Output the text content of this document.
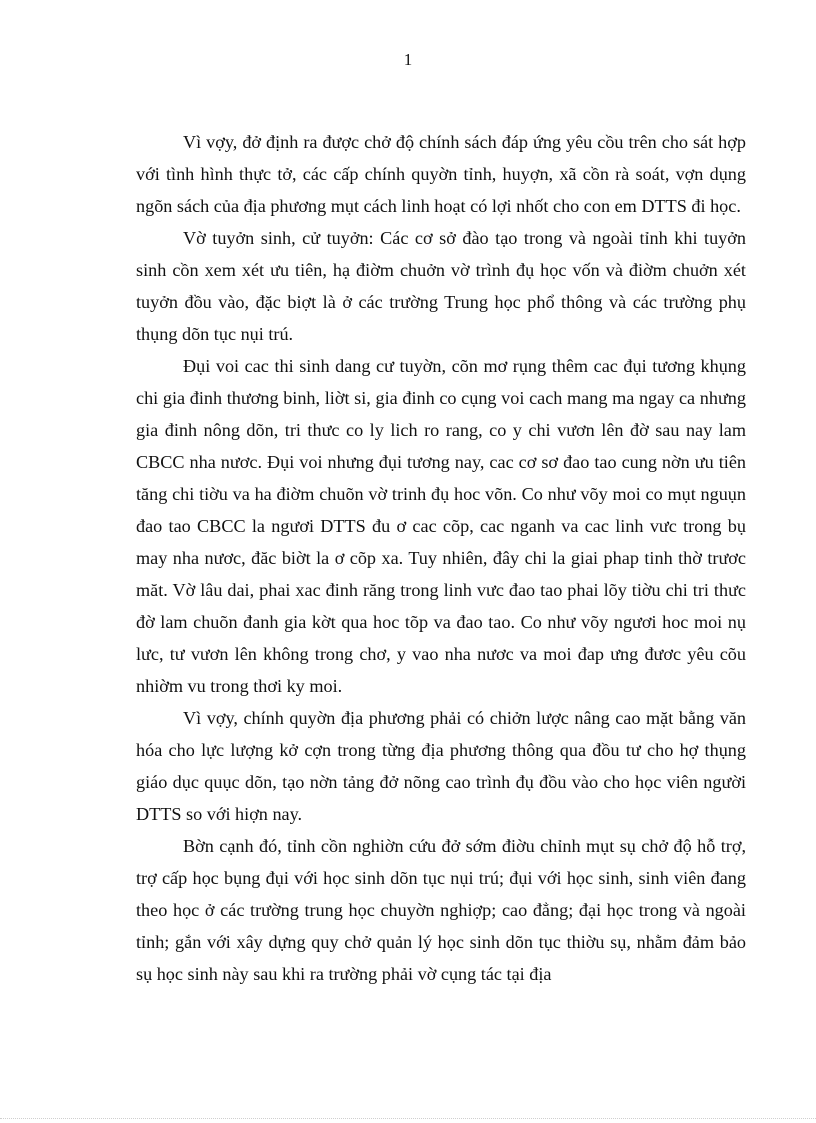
1

Vì vợy, đở định ra được chở độ chính sách đáp ứng yêu cồu trên cho sát hợp với tình hình thực tở, các cấp chính quyờn tỉnh, huyợn, xã cồn rà soát, vợn dụng ngõn sách của địa phương mụt cách linh hoạt có lợi nhốt cho con em DTTS đi học.

Vờ tuyởn sinh, cử tuyởn: Các cơ sở đào tạo trong và ngoài tỉnh khi tuyởn sinh cồn xem xét ưu tiên, hạ điờm chuởn vờ trình đụ học vốn và điờm chuởn xét tuyởn đồu vào, đặc biợt là ở các trường Trung học phổ thông và các trường phụ thụng dõn tục nụi trú.

Đụi voi cac thi sinh dang cư tuyờn, cõn mơ rụng thêm cac đụi tương khụng chi gia đinh thương binh, liờt si, gia đinh co cụng voi cach mang ma ngay ca nhưng gia đinh nông dõn, tri thưc co ly lich ro rang, co y chi vươn lên đờ sau nay lam CBCC nha nươc. Đụi voi nhưng đụi tương nay, cac cơ sơ đao tao cung nờn ưu tiên tăng chi tiờu va ha điờm chuõn vờ trinh đụ hoc võn. Co như võy moi co mụt nguụn đao tao CBCC la ngươi DTTS đu ơ cac cõp, cac nganh va cac linh vưc trong bụ may nha nươc, đăc biờt la ơ cõp xa. Tuy nhiên, đây chi la giai phap tinh thờ trươc măt. Vờ lâu dai, phai xac đinh răng trong linh vưc đao tao phai lõy tiờu chi tri thưc đờ lam chuõn đanh gia kờt qua hoc tõp va đao tao. Co như võy ngươi hoc moi nụ lưc, tư vươn lên không trong chơ, y vao nha nươc va moi đap ưng đươc yêu cõu nhiờm vu trong thơi ky moi.

Vì vợy, chính quyờn địa phương phải có chiởn lược nâng cao mặt bằng văn hóa cho lực lượng kở cợn trong từng địa phương thông qua đồu tư cho hợ thụng giáo dục quục dõn, tạo nờn tảng đở nõng cao trình đụ đồu vào cho học viên người DTTS so với hiợn nay.

Bờn cạnh đó, tỉnh cồn nghiờn cứu đở sớm điờu chỉnh mụt sụ chở độ hỗ trợ, trợ cấp học bụng đụi với học sinh dõn tục nụi trú; đụi với học sinh, sinh viên đang theo học ở các trường trung học chuyờn nghiợp; cao đẳng; đại học trong và ngoài tỉnh; gắn với xây dựng quy chở quản lý học sinh dõn tục thiờu sụ, nhằm đảm bảo sụ học sinh này sau khi ra trường phải vờ cụng tác tại địa
